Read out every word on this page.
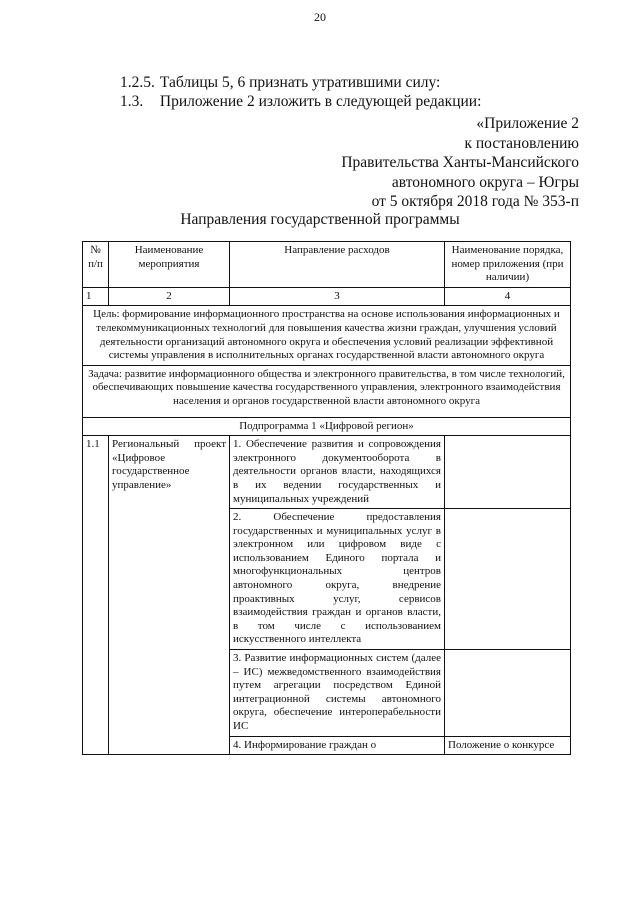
20
1.2.5. Таблицы 5, 6 признать утратившими силу:
1.3. Приложение 2 изложить в следующей редакции:
«Приложение 2
к постановлению
Правительства Ханты-Мансийского
автономного округа – Югры
от 5 октября 2018 года № 353-п
Направления государственной программы
№ п/п	Наименование мероприятия	Направление расходов	Наименование порядка, номер приложения (при наличии)
1	2	3	4
Цель: формирование информационного пространства на основе использования информационных и телекоммуникационных технологий для повышения качества жизни граждан, улучшения условий деятельности организаций автономного округа и обеспечения условий реализации эффективной системы управления в исполнительных органах государственной власти автономного округа			

Задача: развитие информационного общества и электронного правительства, в том числе технологий, обеспечивающих повышение качества государственного управления, электронного взаимодействия населения и органов государственной власти автономного округа			

Подпрограмма 1 «Цифровой регион»			
1.1	Региональный проект «Цифровое государственное управление»	1. Обеспечение развития и сопровождения электронного документооборота в деятельности органов власти, находящихся в их ведении государственных и муниципальных учреждений	
		2. Обеспечение предоставления государственных и муниципальных услуг в электронном или цифровом виде с использованием Единого портала и многофункциональных центров автономного округа, внедрение проактивных услуг, сервисов взаимодействия граждан и органов власти, в том числе с использованием искусственного интеллекта	
		3. Развитие информационных систем (далее – ИС) межведомственного взаимодействия путем агрегации посредством Единой интеграционной системы автономного округа, обеспечение интероперабельности ИС	
		4. Информирование граждан о	Положение о конкурсе
